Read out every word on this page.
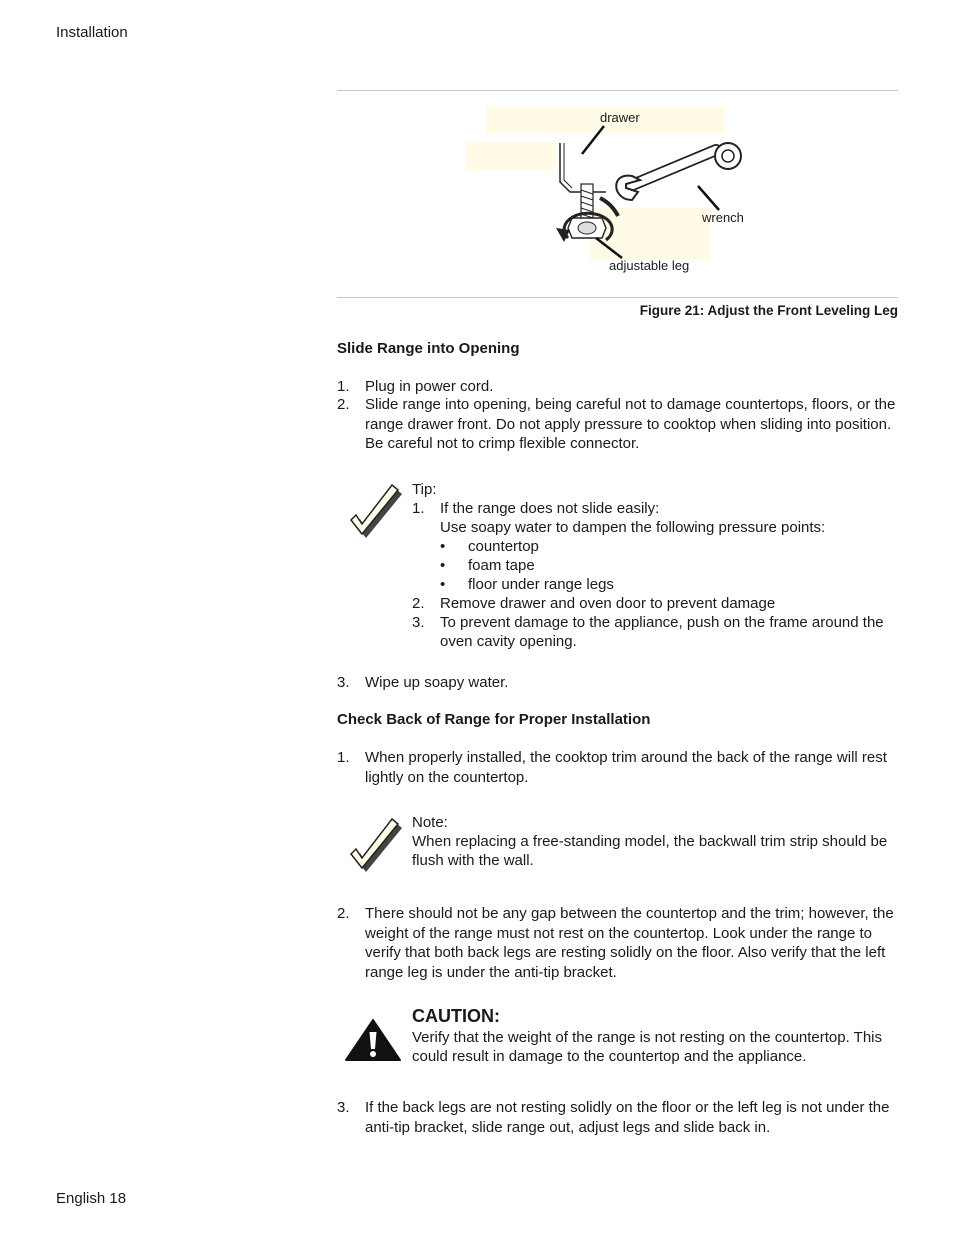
Installation
drawer
wrench
adjustable leg
Figure 21: Adjust the Front Leveling Leg
Slide Range into Opening
1.	Plug in power cord.
2.	Slide range into opening, being careful not to damage countertops, floors, or the range drawer front. Do not apply pressure to cooktop when sliding into position. Be careful not to crimp flexible connector.
Tip:
1. If the range does not slide easily:
Use soapy water to dampen the following pressure points:
• countertop
• foam tape
• floor under range legs
2. Remove drawer and oven door to prevent damage
3. To prevent damage to the appliance, push on the frame around the oven cavity opening.
3.	Wipe up soapy water.
Check Back of Range for Proper Installation
1.	When properly installed, the cooktop trim around the back of the range will rest lightly on the countertop.
Note:
When replacing a free-standing model, the backwall trim strip should be flush with the wall.
2.	There should not be any gap between the countertop and the trim; however, the weight of the range must not rest on the countertop. Look under the range to verify that both back legs are resting solidly on the floor. Also verify that the left range leg is under the anti-tip bracket.
CAUTION:
Verify that the weight of the range is not resting on the countertop. This could result in damage to the countertop and the appliance.
3.	If the back legs are not resting solidly on the floor or the left leg is not under the anti-tip bracket, slide range out, adjust legs and slide back in.
English 18
